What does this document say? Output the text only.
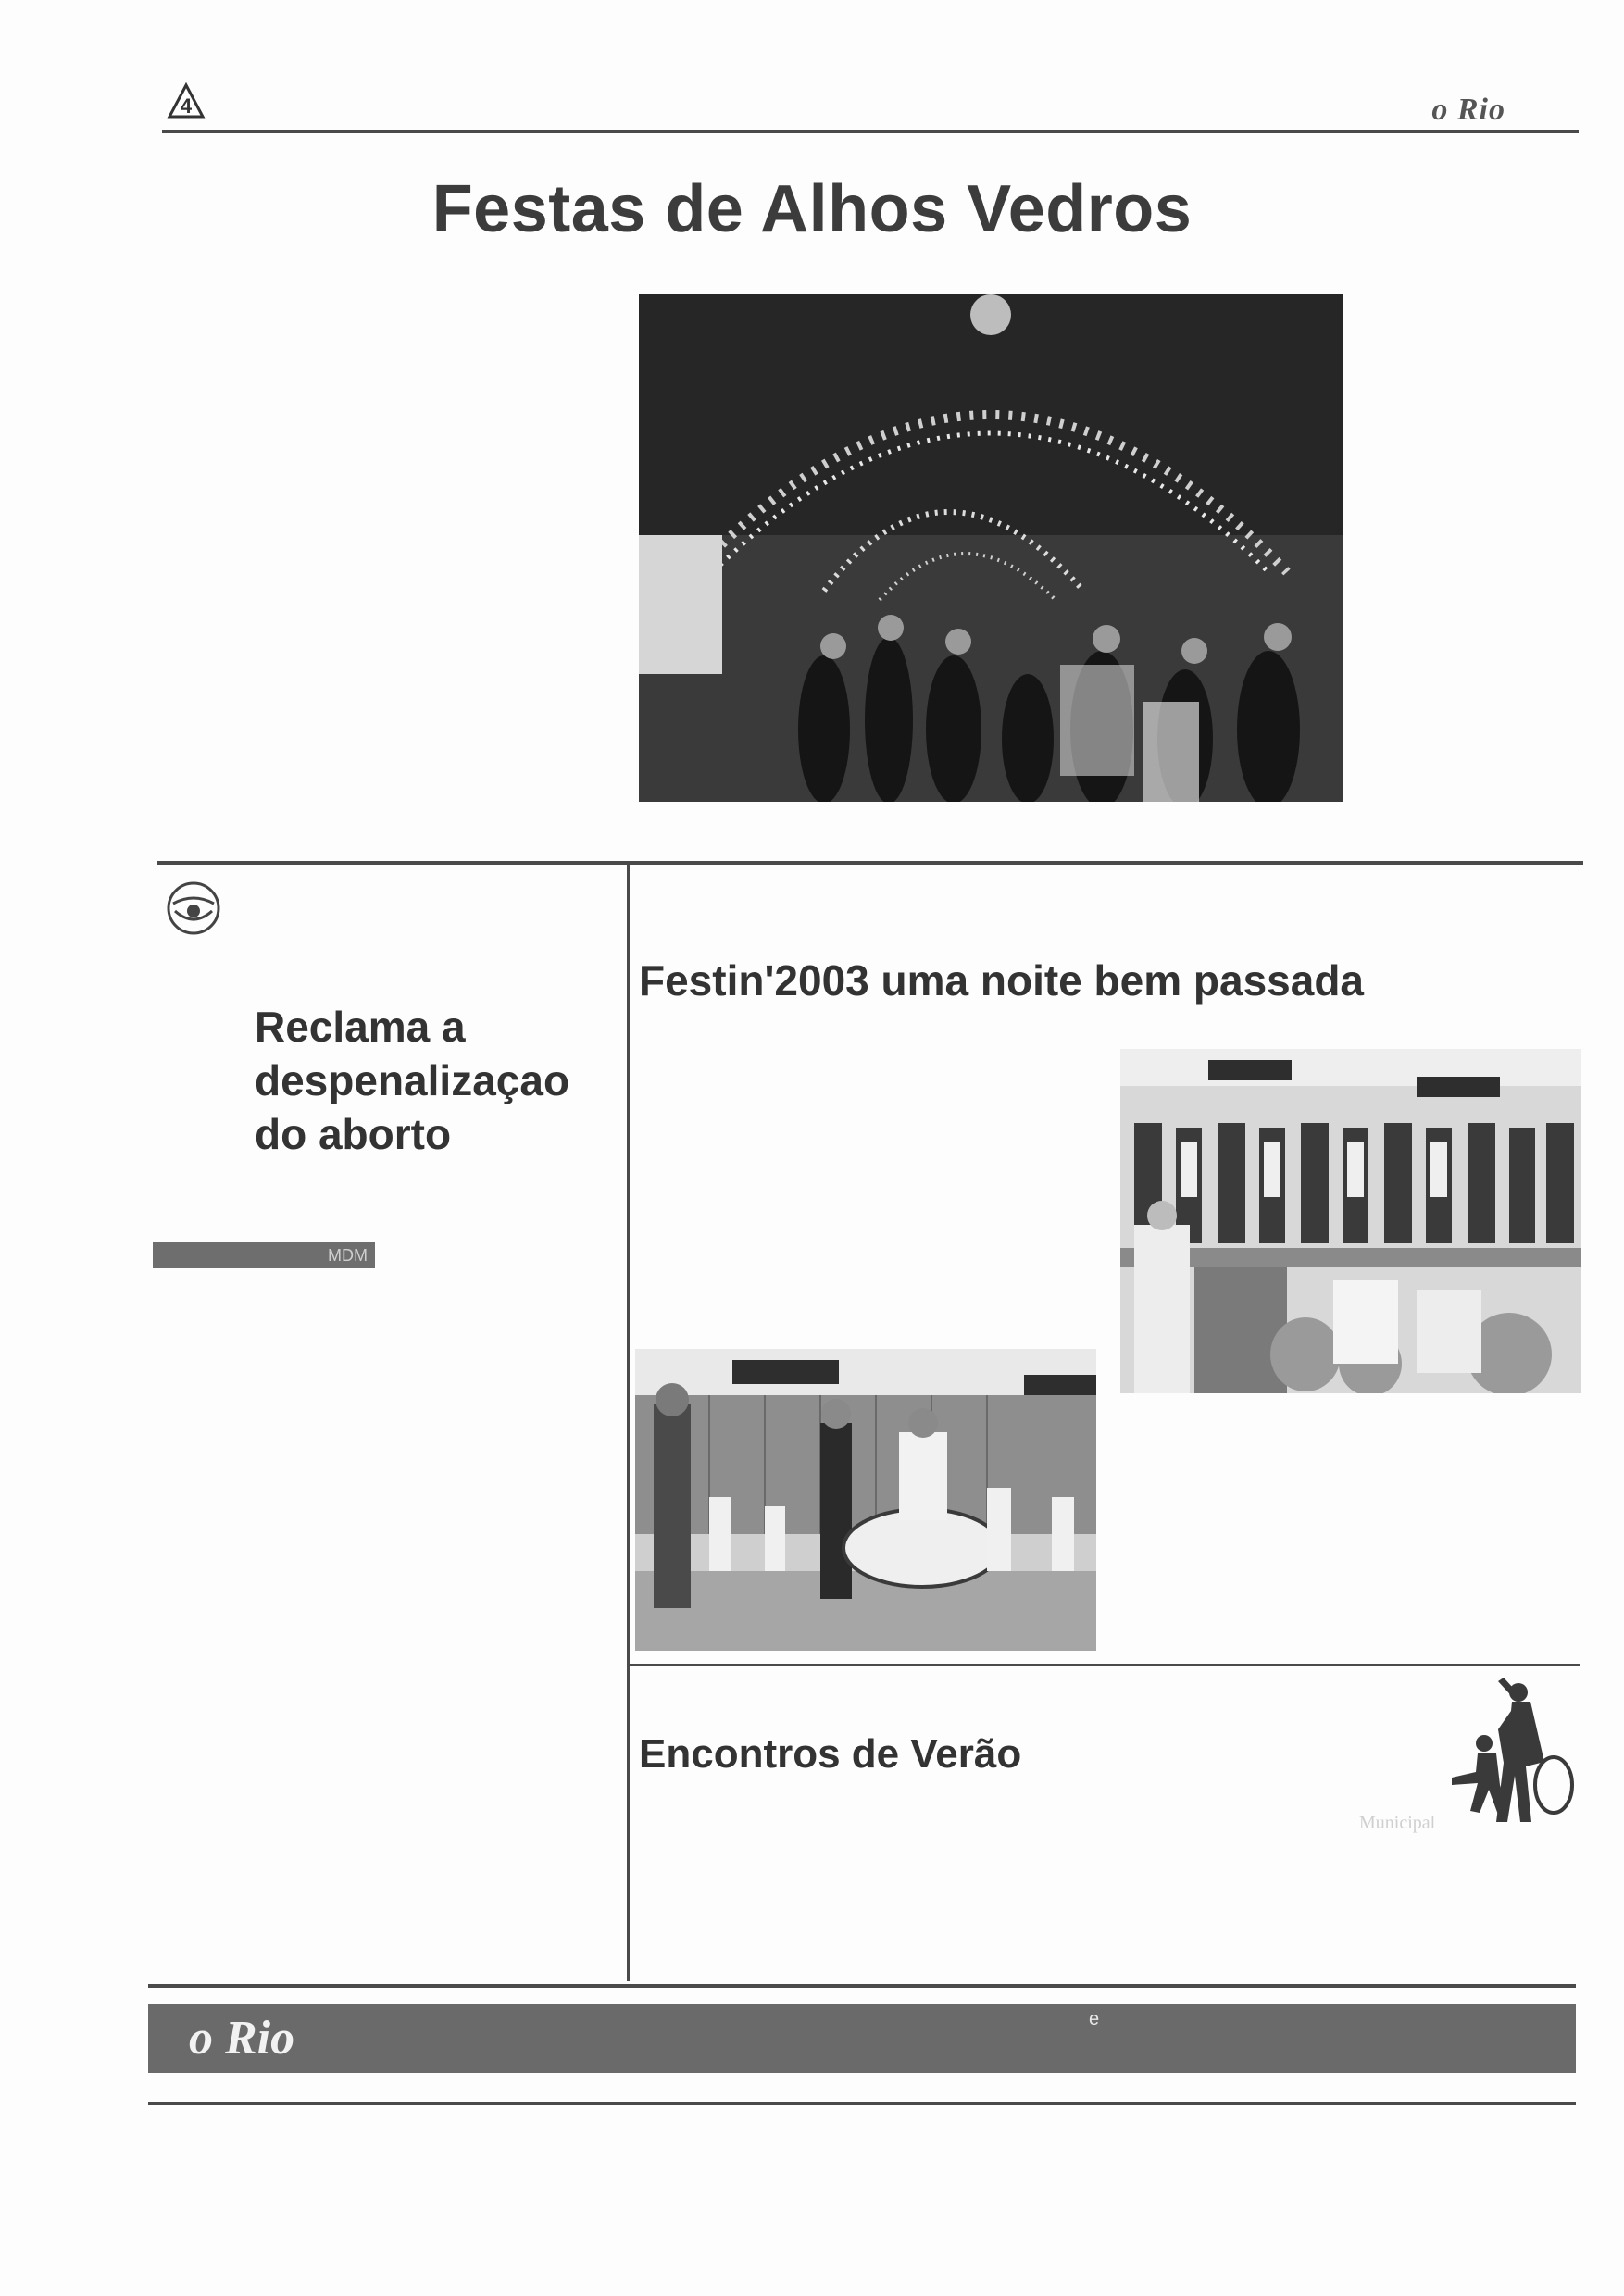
4	o Rio
Festas de Alhos Vedros
Reclama a
despenalizaçao
do aborto
MDM
Festin'2003 uma noite bem passada
Encontros de Verão
Municipal
o Rio	e
